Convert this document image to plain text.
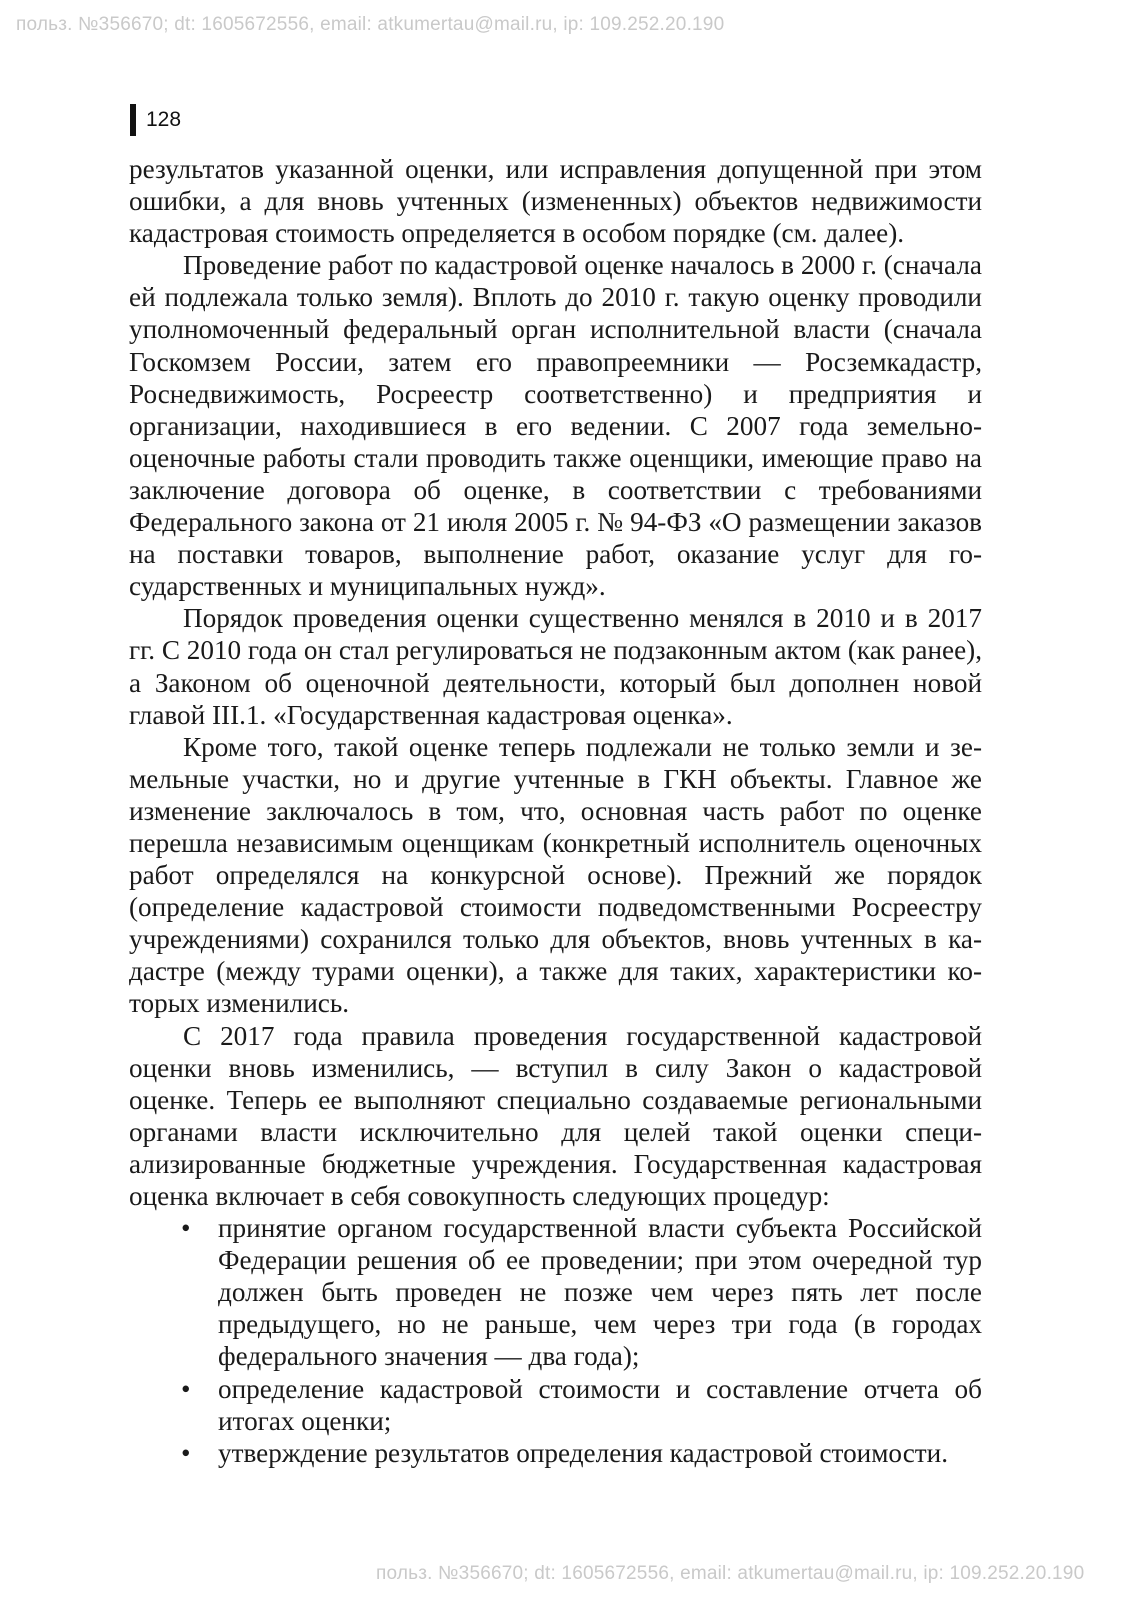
польз. №356670; dt: 1605672556, email: atkumertau@mail.ru, ip: 109.252.20.190
128

результатов указанной оценки, или исправления допущенной при этом ошибки, а для вновь учтенных (измененных) объектов недвижимости кадастровая стоимость определяется в особом порядке (см. далее).

Проведение работ по кадастровой оценке началось в 2000 г. (сначала ей подлежала только земля). Вплоть до 2010 г. такую оценку проводили уполномоченный федеральный орган исполнительной власти (сначала Госкомзем России, затем его правопреемники — Росземкадастр, Роснедвижимость, Росреестр соответственно) и предприятия и организации, находившиеся в его ведении. С 2007 года земельно-оценочные работы стали проводить также оценщики, имеющие право на заключение договора об оценке, в соответствии с требованиями Федерального закона от 21 июля 2005 г. № 94-ФЗ «О размещении заказов на поставки товаров, выполнение работ, оказание услуг для государственных и муниципальных нужд».

Порядок проведения оценки существенно менялся в 2010 и в 2017 гг. С 2010 года он стал регулироваться не подзаконным актом (как ранее), а Законом об оценочной деятельности, который был дополнен новой главой III.1. «Государственная кадастровая оценка».

Кроме того, такой оценке теперь подлежали не только земли и земельные участки, но и другие учтенные в ГКН объекты. Главное же изменение заключалось в том, что, основная часть работ по оценке перешла независимым оценщикам (конкретный исполнитель оценочных работ определялся на конкурсной основе). Прежний же порядок (определение кадастровой стоимости подведомственными Росреестру учреждениями) сохранился только для объектов, вновь учтенных в кадастре (между турами оценки), а также для таких, характеристики которых изменились.

С 2017 года правила проведения государственной кадастровой оценки вновь изменились, — вступил в силу Закон о кадастровой оценке. Теперь ее выполняют специально создаваемые региональными органами власти исключительно для целей такой оценки специализированные бюджетные учреждения. Государственная кадастровая оценка включает в себя совокупность следующих процедур:

• принятие органом государственной власти субъекта Российской Федерации решения об ее проведении; при этом очередной тур должен быть проведен не позже чем через пять лет после предыдущего, но не раньше, чем через три года (в городах федерального значения — два года);
• определение кадастровой стоимости и составление отчета об итогах оценки;
• утверждение результатов определения кадастровой стоимости.
польз. №356670; dt: 1605672556, email: atkumertau@mail.ru, ip: 109.252.20.190
